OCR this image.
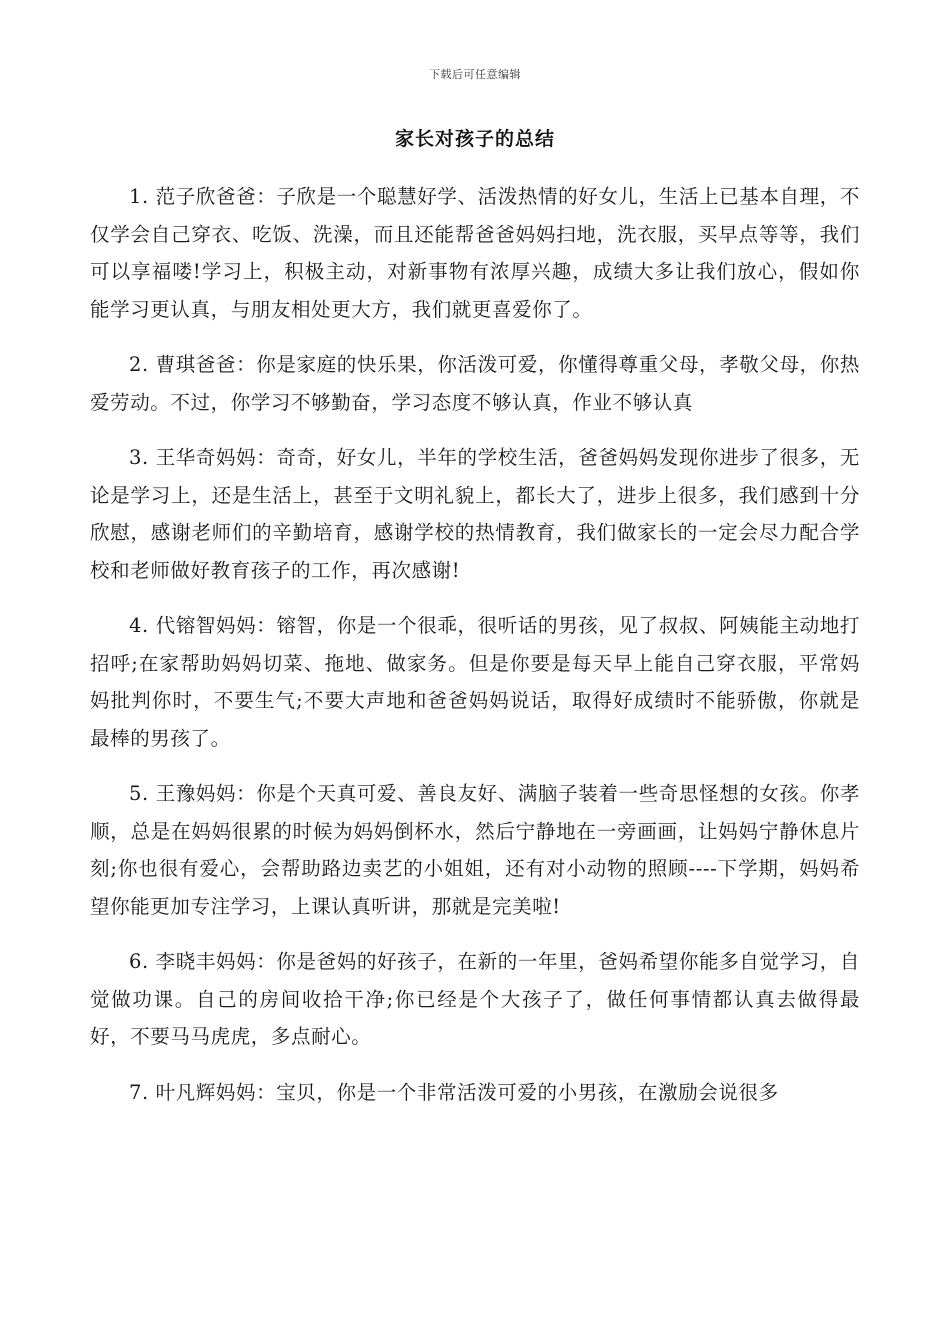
下载后可任意编辑
家长对孩子的总结

1. 范子欣爸爸：子欣是一个聪慧好学、活泼热情的好女儿，生活上已基本自理，不仅学会自己穿衣、吃饭、洗澡，而且还能帮爸爸妈妈扫地，洗衣服，买早点等等，我们可以享福喽!学习上，积极主动，对新事物有浓厚兴趣，成绩大多让我们放心，假如你能学习更认真，与朋友相处更大方，我们就更喜爱你了。

2. 曹琪爸爸：你是家庭的快乐果，你活泼可爱，你懂得尊重父母，孝敬父母，你热爱劳动。不过，你学习不够勤奋，学习态度不够认真，作业不够认真

3. 王华奇妈妈：奇奇，好女儿，半年的学校生活，爸爸妈妈发现你进步了很多，无论是学习上，还是生活上，甚至于文明礼貌上，都长大了，进步上很多，我们感到十分欣慰，感谢老师们的辛勤培育，感谢学校的热情教育，我们做家长的一定会尽力配合学校和老师做好教育孩子的工作，再次感谢!

4. 代镕智妈妈：镕智，你是一个很乖，很听话的男孩，见了叔叔、阿姨能主动地打招呼;在家帮助妈妈切菜、拖地、做家务。但是你要是每天早上能自己穿衣服，平常妈妈批判你时，不要生气;不要大声地和爸爸妈妈说话，取得好成绩时不能骄傲，你就是最棒的男孩了。

5. 王豫妈妈：你是个天真可爱、善良友好、满脑子装着一些奇思怪想的女孩。你孝顺，总是在妈妈很累的时候为妈妈倒杯水，然后宁静地在一旁画画，让妈妈宁静休息片刻;你也很有爱心，会帮助路边卖艺的小姐姐，还有对小动物的照顾----下学期，妈妈希望你能更加专注学习，上课认真听讲，那就是完美啦!

6. 李晓丰妈妈：你是爸妈的好孩子，在新的一年里，爸妈希望你能多自觉学习，自觉做功课。自己的房间收拾干净;你已经是个大孩子了，做任何事情都认真去做得最好，不要马马虎虎，多点耐心。

7. 叶凡辉妈妈：宝贝，你是一个非常活泼可爱的小男孩，在激励会说很多
